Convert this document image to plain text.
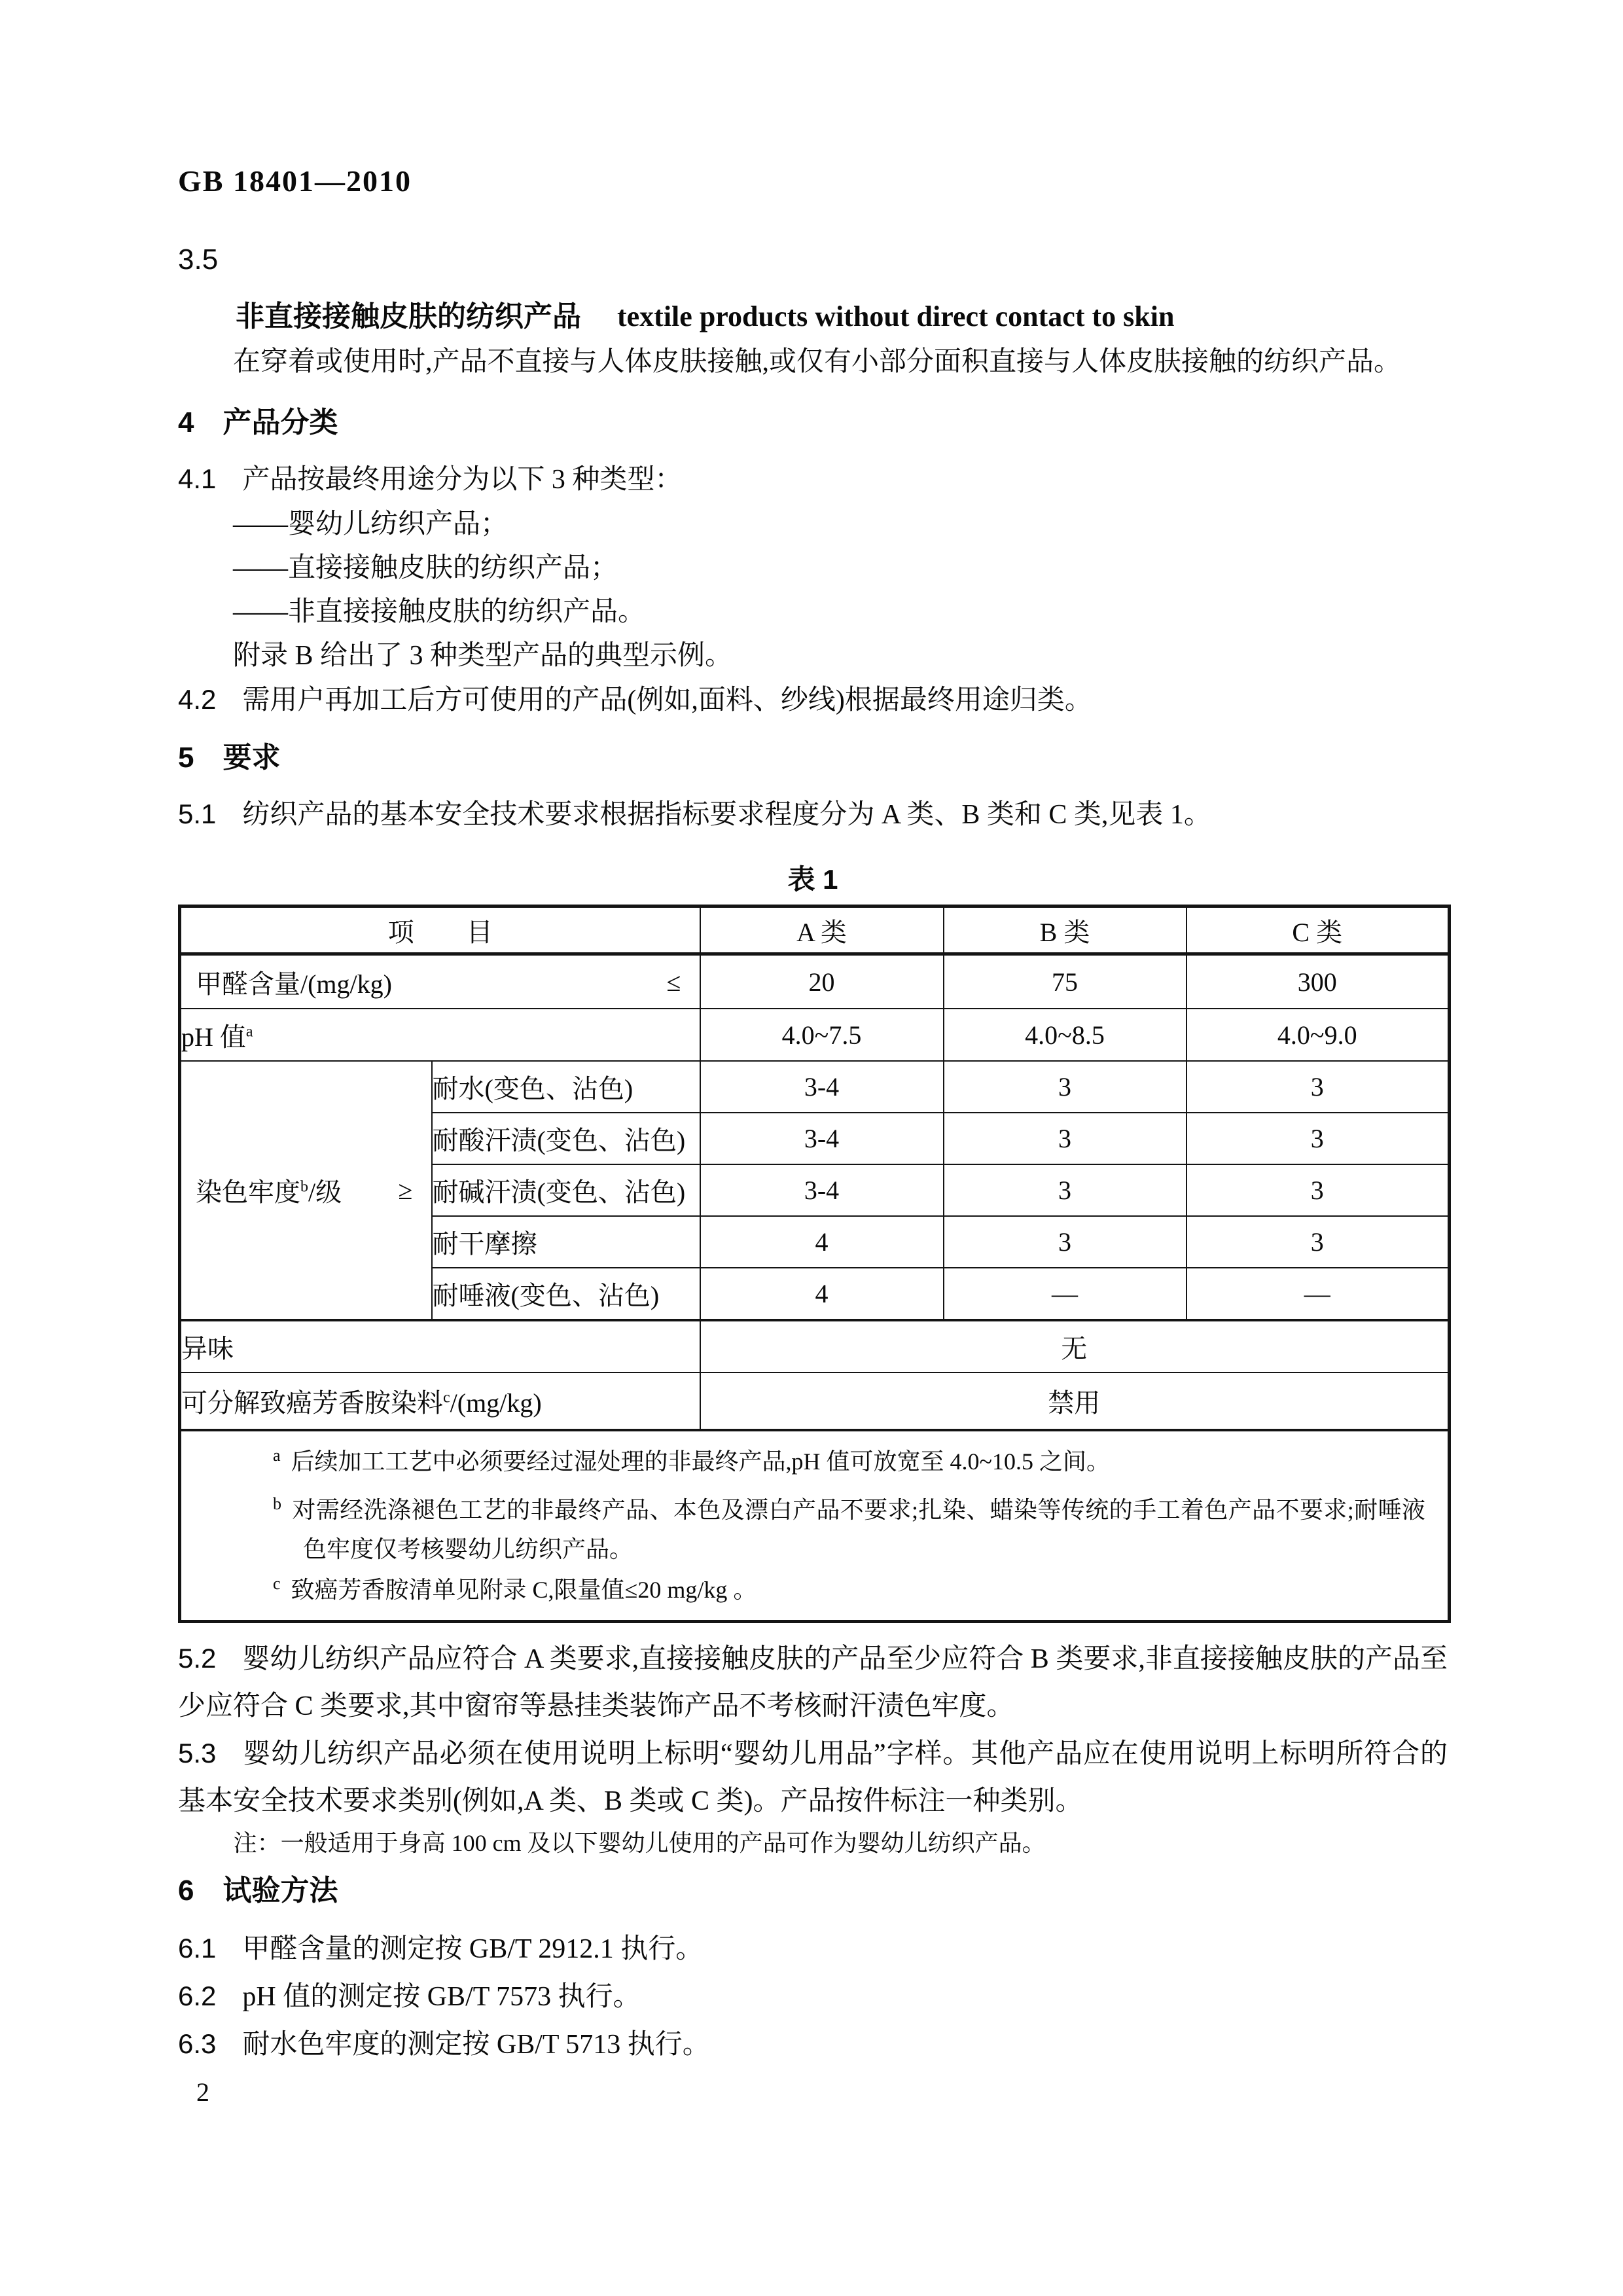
GB 18401—2010

3.5

非直接接触皮肤的纺织产品 textile products without direct contact to skin

在穿着或使用时,产品不直接与人体皮肤接触,或仅有小部分面积直接与人体皮肤接触的纺织产品。

4 产品分类

4.1 产品按最终用途分为以下 3 种类型：

——婴幼儿纺织产品；

——直接接触皮肤的纺织产品；

——非直接接触皮肤的纺织产品。

附录 B 给出了 3 种类型产品的典型示例。

4.2 需用户再加工后方可使用的产品(例如,面料、纱线)根据最终用途归类。

5 要求

5.1 纺织产品的基本安全技术要求根据指标要求程度分为 A 类、B 类和 C 类,见表 1。

表 1

项　　目		A 类	B 类	C 类

甲醛含量/(mg/kg) ≤		20	75	300
pH 值$^a$		4.0~7.5	4.0~8.5	4.0~9.0

染色牢度$^b$/级 ≥	耐水(变色、沾色)	3-4	3	3
	耐酸汗渍(变色、沾色)	3-4	3	3
	耐碱汗渍(变色、沾色)	3-4	3	3
	耐干摩擦	4	3	3
	耐唾液(变色、沾色)	4	—	—
异味		无		
可分解致癌芳香胺染料$^c$/(mg/kg)		禁用		

$^a$ 后续加工工艺中必须要经过湿处理的非最终产品,pH 值可放宽至 4.0~10.5 之间。
$^b$ 对需经洗涤褪色工艺的非最终产品、本色及漂白产品不要求;扎染、蜡染等传统的手工着色产品不要求;耐唾液色牢度仅考核婴幼儿纺织产品。
$^c$ 致癌芳香胺清单见附录 C,限量值≤20 mg/kg 。				

5.2 婴幼儿纺织产品应符合 A 类要求,直接接触皮肤的产品至少应符合 B 类要求,非直接接触皮肤的产品至少应符合 C 类要求,其中窗帘等悬挂类装饰产品不考核耐汗渍色牢度。

5.3 婴幼儿纺织产品必须在使用说明上标明“婴幼儿用品”字样。其他产品应在使用说明上标明所符合的基本安全技术要求类别(例如,A 类、B 类或 C 类)。产品按件标注一种类别。

注：一般适用于身高 100 cm 及以下婴幼儿使用的产品可作为婴幼儿纺织产品。

6 试验方法

6.1 甲醛含量的测定按 GB/T 2912.1 执行。

6.2 pH 值的测定按 GB/T 7573 执行。

6.3 耐水色牢度的测定按 GB/T 5713 执行。

2
